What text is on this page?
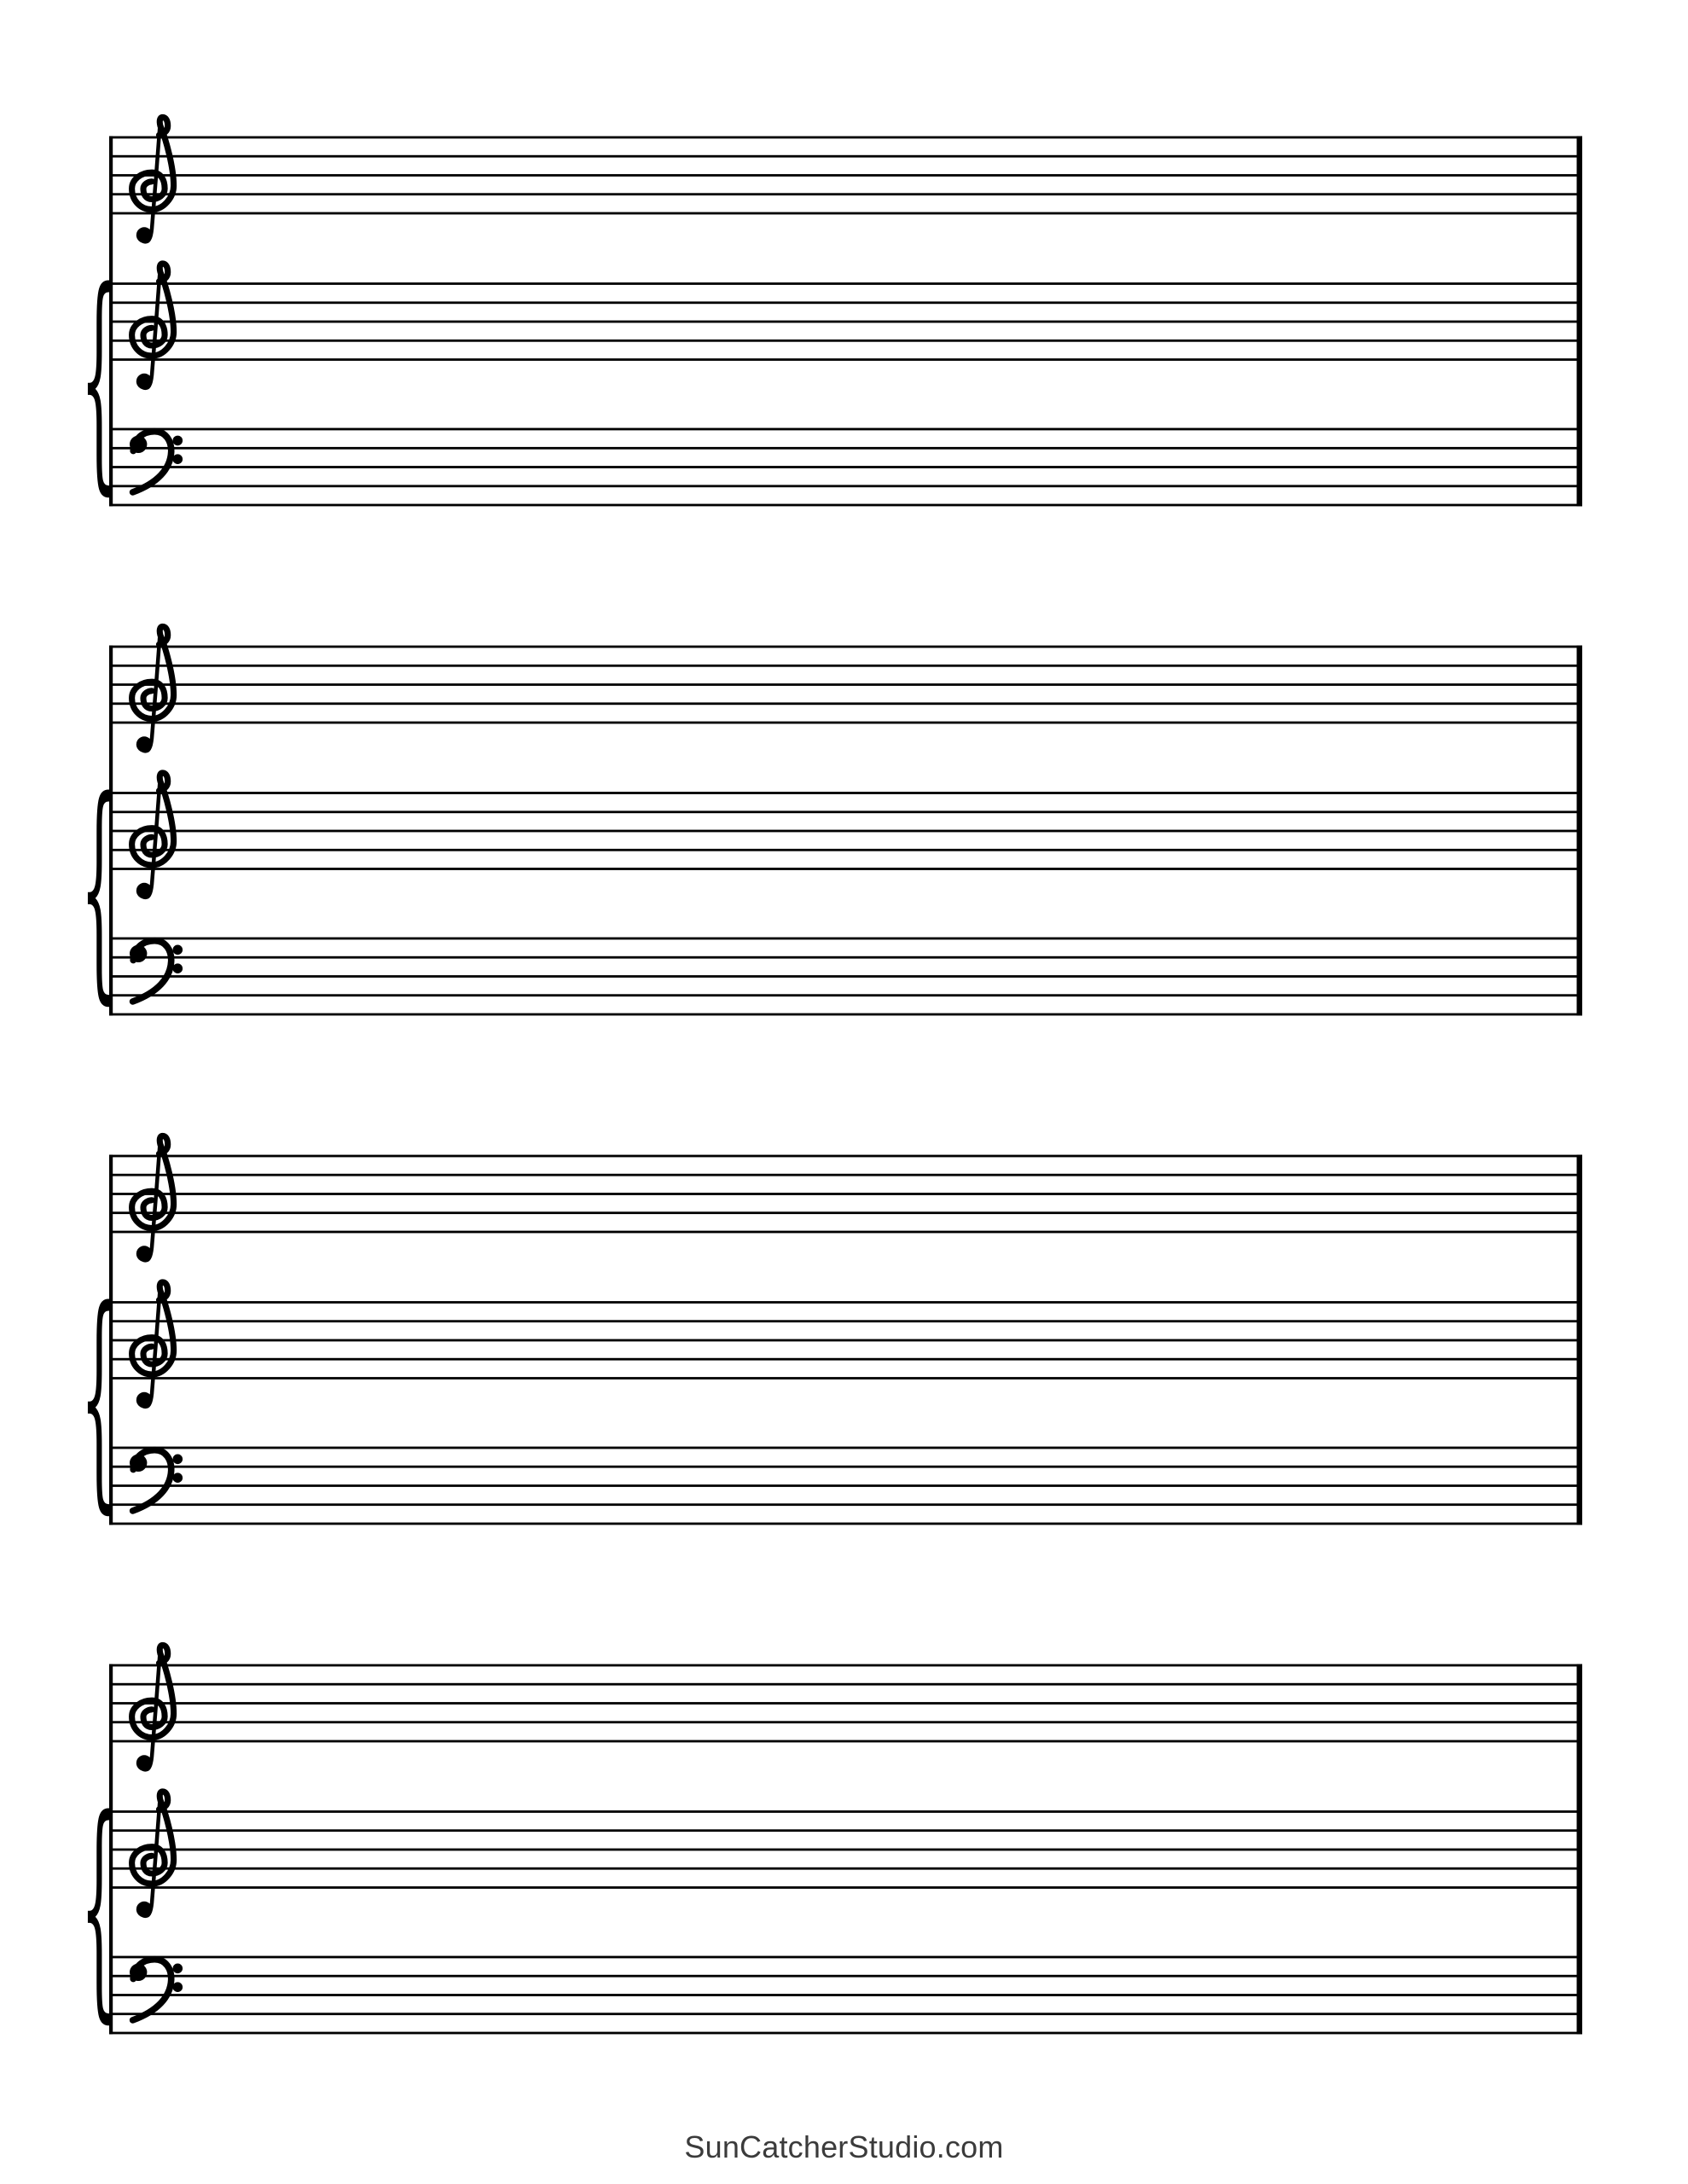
{
{
{
{
SunCatcherStudio.com
